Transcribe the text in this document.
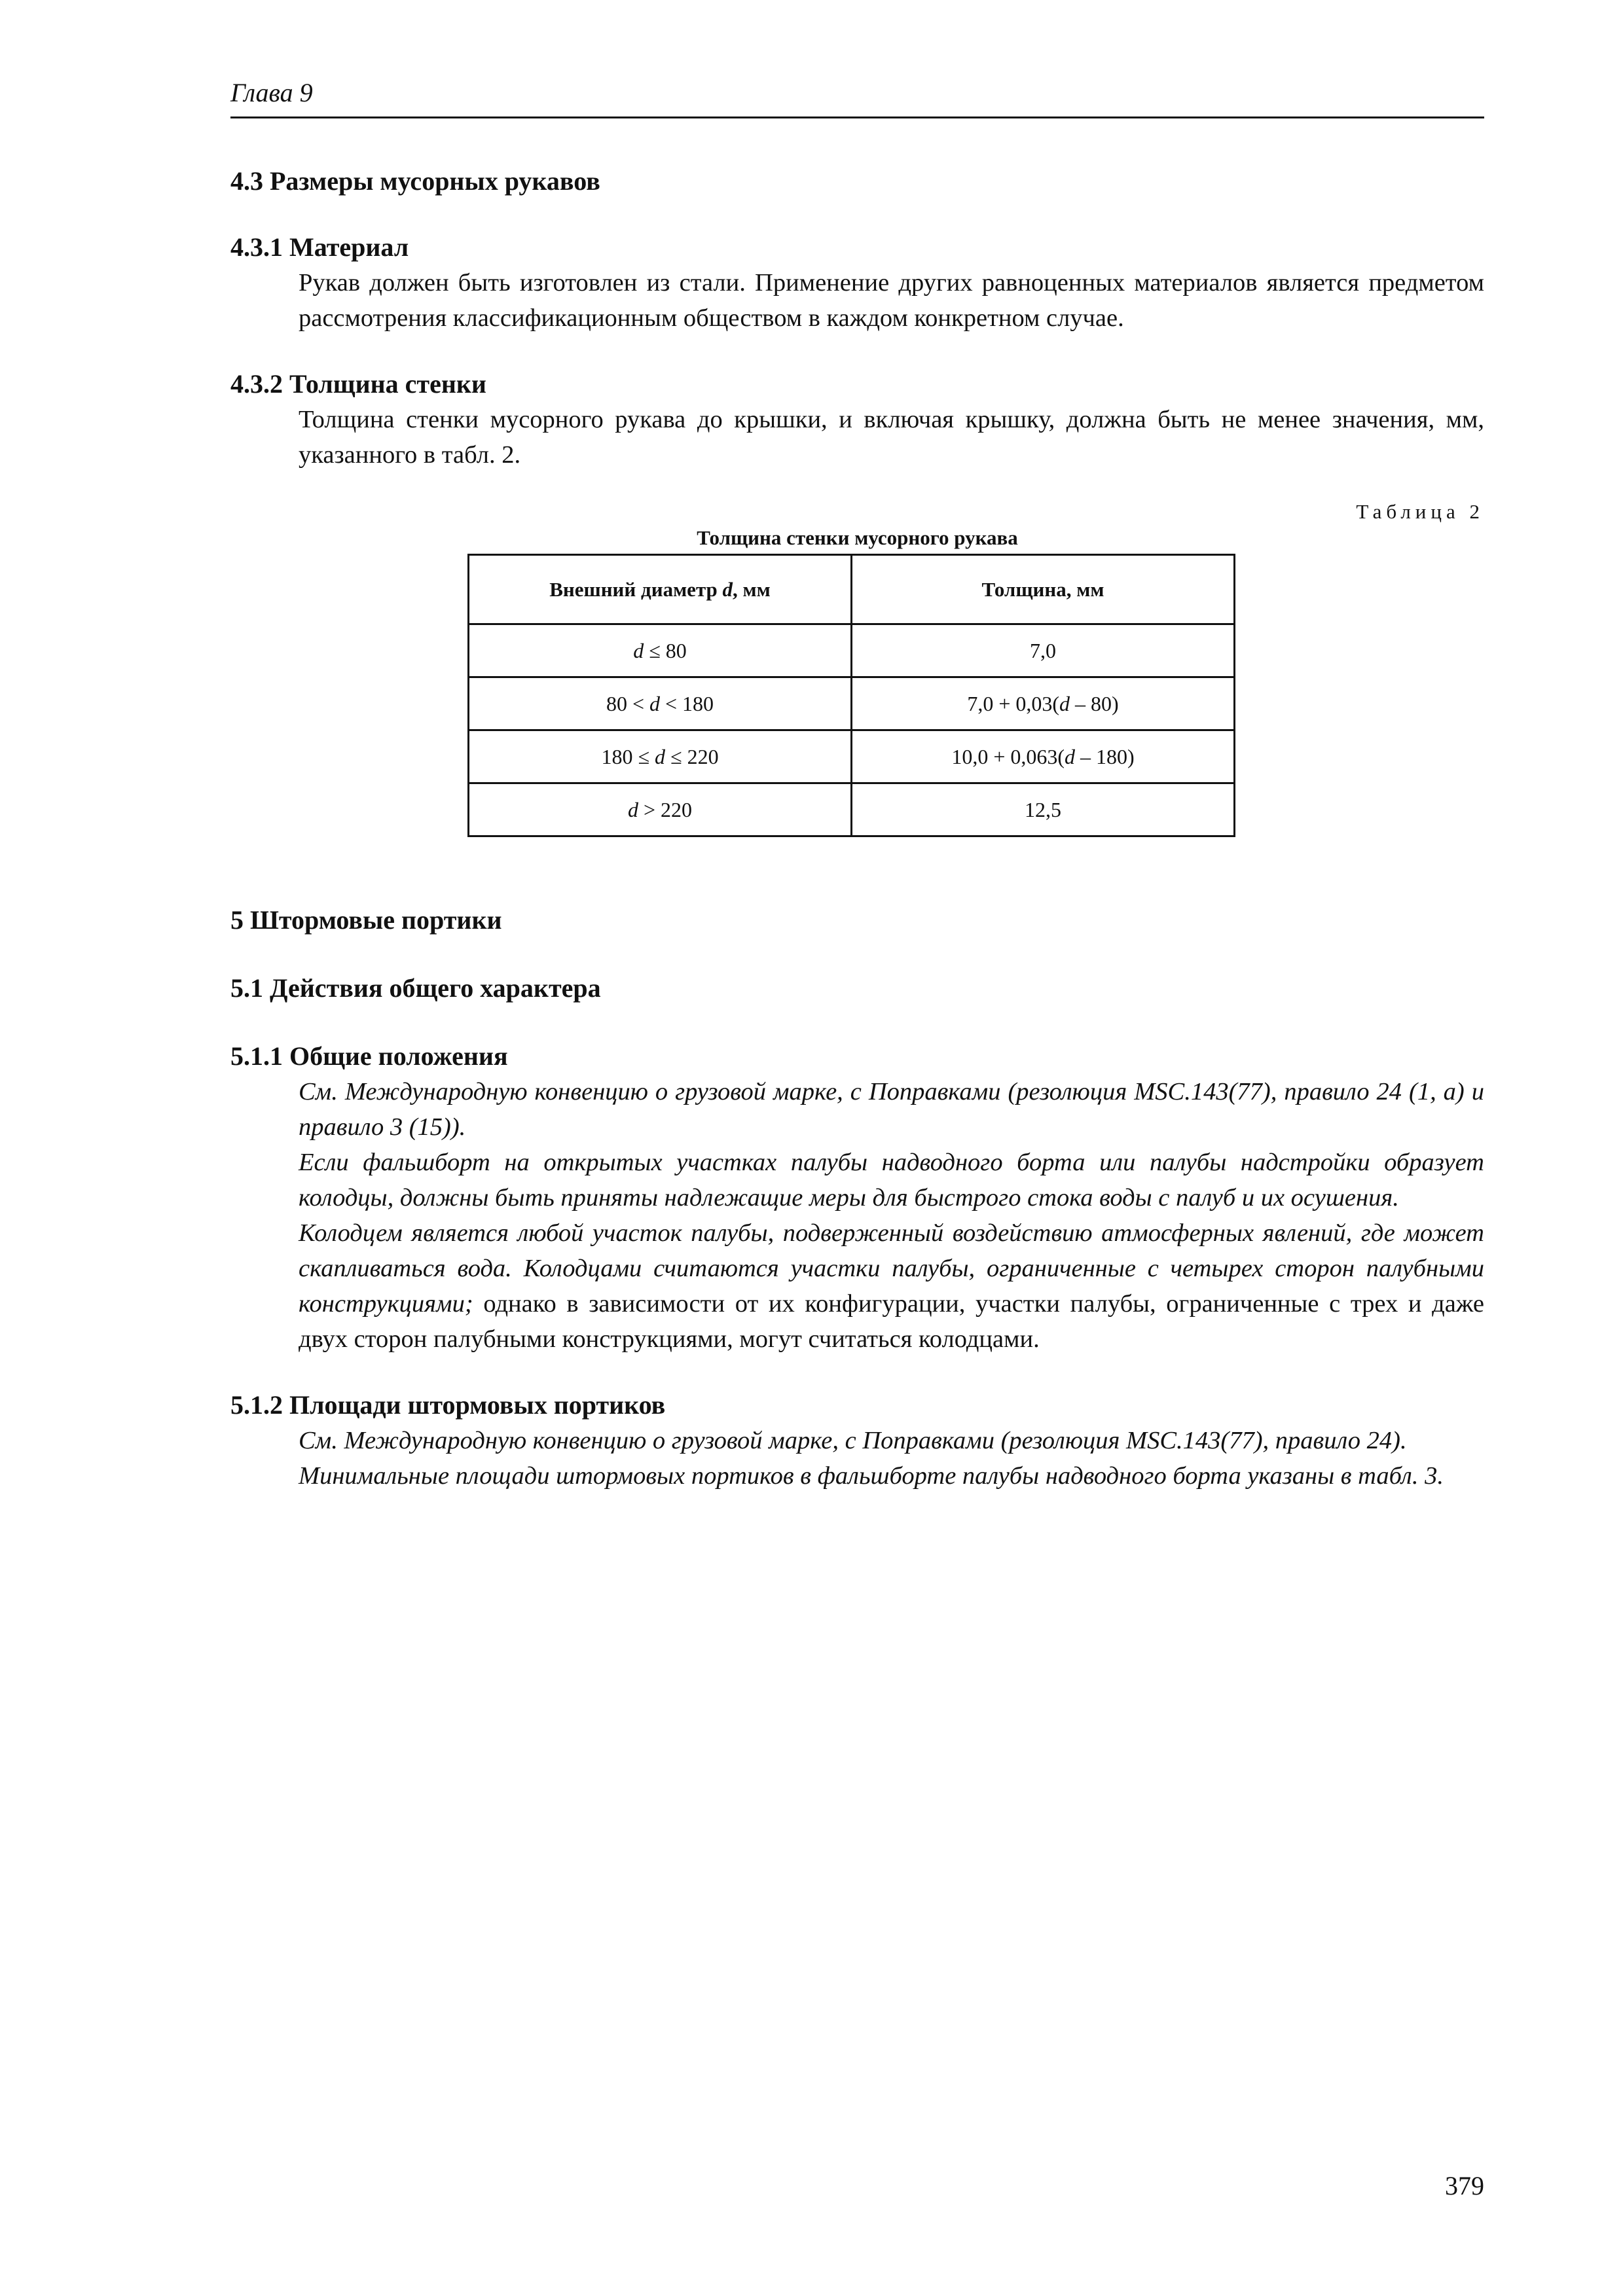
Глава 9

4.3 Размеры мусорных рукавов

4.3.1 Материал

Рукав должен быть изготовлен из стали. Применение других равноценных материалов является предметом рассмотрения классификационным обществом в каждом конкретном случае.

4.3.2 Толщина стенки

Толщина стенки мусорного рукава до крышки, и включая крышку, должна быть не менее значения, мм, указанного в табл. 2.

Таблица 2

Толщина стенки мусорного рукава

Внешний диаметр d, мм	Толщина, мм
d ≤ 80	7,0
80 < d < 180	7,0 + 0,03(d – 80)
180 ≤ d ≤ 220	10,0 + 0,063(d – 180)
d > 220	12,5

5 Штормовые портики

5.1 Действия общего характера

5.1.1 Общие положения

См. Международную конвенцию о грузовой марке, с Поправками (резолюция MSC.143(77), правило 24 (1, a) и правило 3 (15)).

Если фальшборт на открытых участках палубы надводного борта или палубы надстройки образует колодцы, должны быть приняты надлежащие меры для быстрого стока воды с палуб и их осушения.

Колодцем является любой участок палубы, подверженный воздействию атмосферных явлений, где может скапливаться вода. Колодцами считаются участки палубы, ограниченные с четырех сторон палубными конструкциями; однако в зависимости от их конфигурации, участки палубы, ограниченные с трех и даже двух сторон палубными конструкциями, могут считаться колодцами.

5.1.2 Площади штормовых портиков

См. Международную конвенцию о грузовой марке, с Поправками (резолюция MSC.143(77), правило 24).

Минимальные площади штормовых портиков в фальшборте палубы надводного борта указаны в табл. 3.

379
